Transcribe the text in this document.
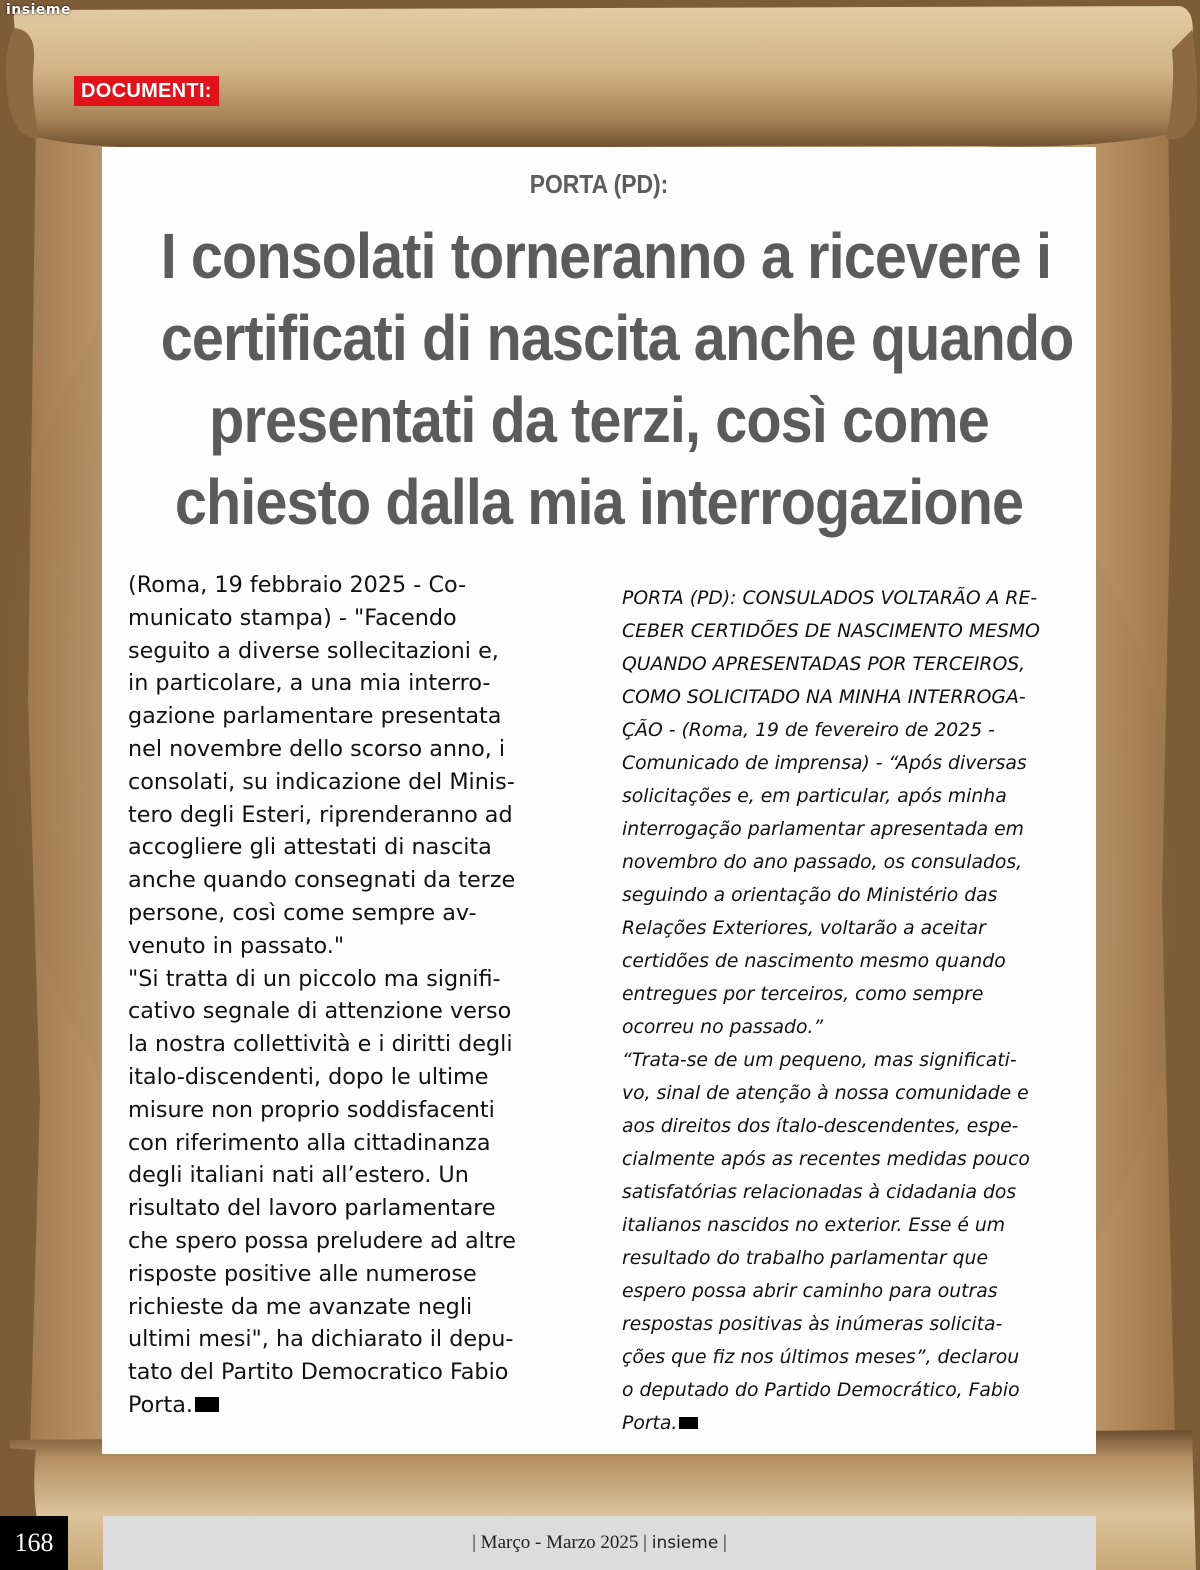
insieme
DOCUMENTI:
PORTA (PD):
I consolati torneranno a ricevere i
certificati di nascita anche quando
presentati da terzi, così come
chiesto dalla mia interrogazione
(Roma, 19 febbraio 2025 - Co-
municato stampa) - "Facendo
seguito a diverse sollecitazioni e,
in particolare, a una mia interro-
gazione parlamentare presentata
nel novembre dello scorso anno, i
consolati, su indicazione del Minis-
tero degli Esteri, riprenderanno ad
accogliere gli attestati di nascita
anche quando consegnati da terze
persone, così come sempre av-
venuto in passato."
"Si tratta di un piccolo ma signifi-
cativo segnale di attenzione verso
la nostra collettività e i diritti degli
italo-discendenti, dopo le ultime
misure non proprio soddisfacenti
con riferimento alla cittadinanza
degli italiani nati all’estero. Un
risultato del lavoro parlamentare
che spero possa preludere ad altre
risposte positive alle numerose
richieste da me avanzate negli
ultimi mesi", ha dichiarato il depu-
tato del Partito Democratico Fabio
Porta.
PORTA (PD): CONSULADOS VOLTARÃO A RE-
CEBER CERTIDÕES DE NASCIMENTO MESMO
QUANDO APRESENTADAS POR TERCEIROS,
COMO SOLICITADO NA MINHA INTERROGA-
ÇÃO - (Roma, 19 de fevereiro de 2025 -
Comunicado de imprensa) - “Após diversas
solicitações e, em particular, após minha
interrogação parlamentar apresentada em
novembro do ano passado, os consulados,
seguindo a orientação do Ministério das
Relações Exteriores, voltarão a aceitar
certidões de nascimento mesmo quando
entregues por terceiros, como sempre
ocorreu no passado.”
“Trata-se de um pequeno, mas significati-
vo, sinal de atenção à nossa comunidade e
aos direitos dos ítalo-descendentes, espe-
cialmente após as recentes medidas pouco
satisfatórias relacionadas à cidadania dos
italianos nascidos no exterior. Esse é um
resultado do trabalho parlamentar que
espero possa abrir caminho para outras
respostas positivas às inúmeras solicita-
ções que fiz nos últimos meses”, declarou
o deputado do Partido Democrático, Fabio
Porta.
168	| Março - Marzo 2025 | insieme |
